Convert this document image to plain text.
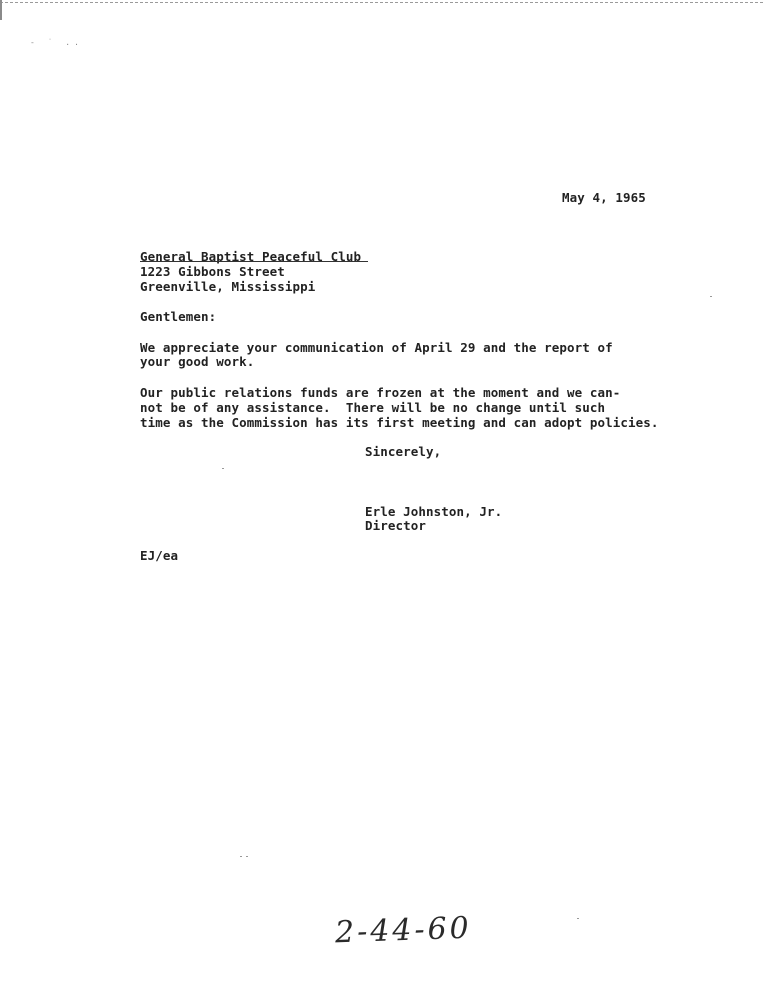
- ˙ ..
May 4, 1965
General Baptist Peaceful Club
1223 Gibbons Street
Greenville, Mississippi
Gentlemen:
We appreciate your communication of April 29 and the report of
your good work.
Our public relations funds are frozen at the moment and we can-
not be of any assistance.  There will be no change until such
time as the Commission has its first meeting and can adopt policies.
Sincerely,
Erle Johnston, Jr.
Director
EJ/ea
2-44-60
